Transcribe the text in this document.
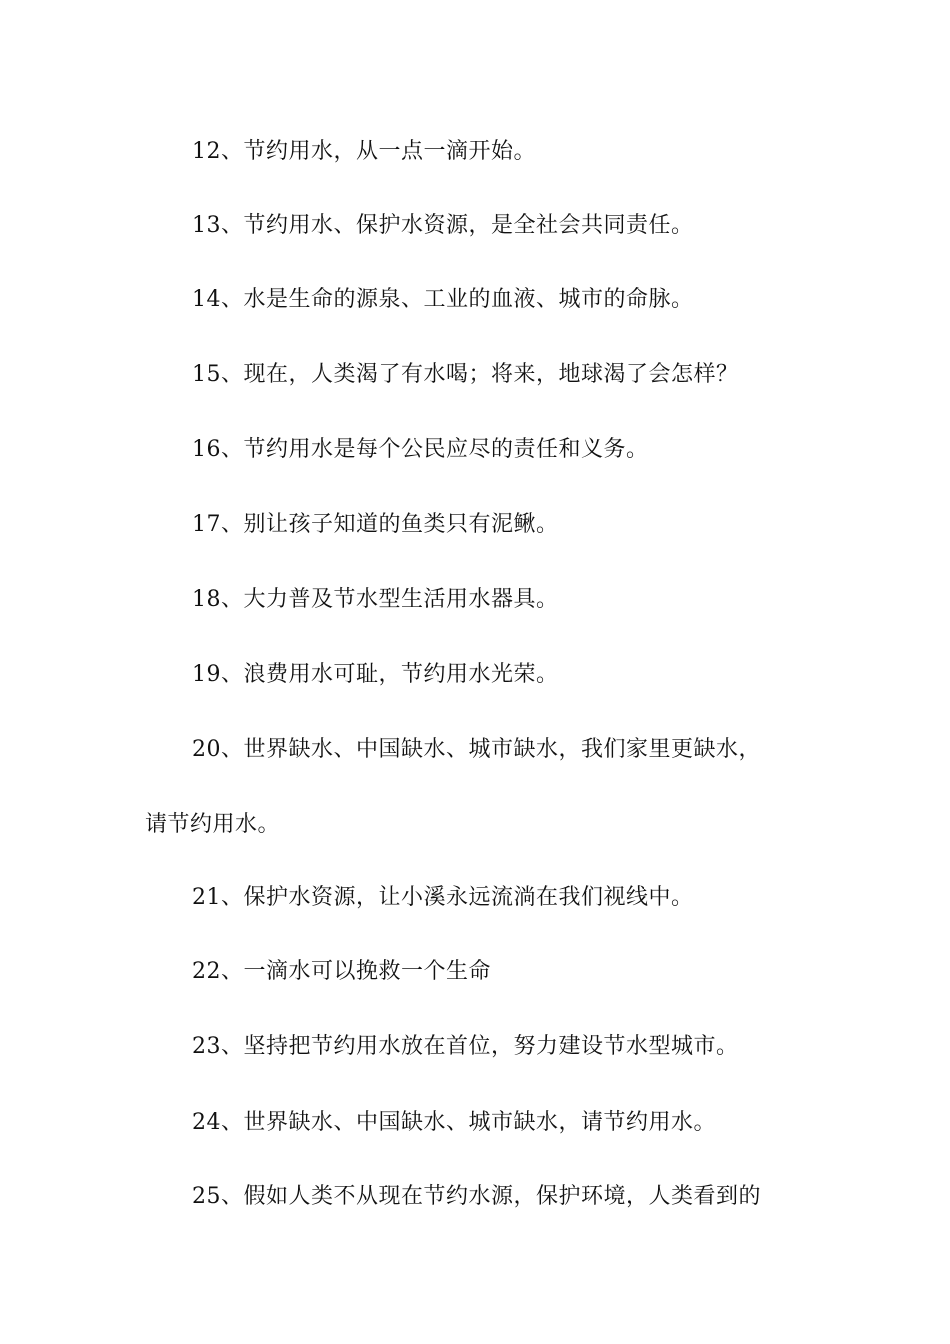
12、节约用水，从一点一滴开始。
13、节约用水、保护水资源，是全社会共同责任。
14、水是生命的源泉、工业的血液、城市的命脉。
15、现在，人类渴了有水喝；将来，地球渴了会怎样？
16、节约用水是每个公民应尽的责任和义务。
17、别让孩子知道的鱼类只有泥鳅。
18、大力普及节水型生活用水器具。
19、浪费用水可耻，节约用水光荣。
20、世界缺水、中国缺水、城市缺水，我们家里更缺水，
请节约用水。
21、保护水资源，让小溪永远流淌在我们视线中。
22、一滴水可以挽救一个生命
23、坚持把节约用水放在首位，努力建设节水型城市。
24、世界缺水、中国缺水、城市缺水，请节约用水。
25、假如人类不从现在节约水源，保护环境，人类看到的
